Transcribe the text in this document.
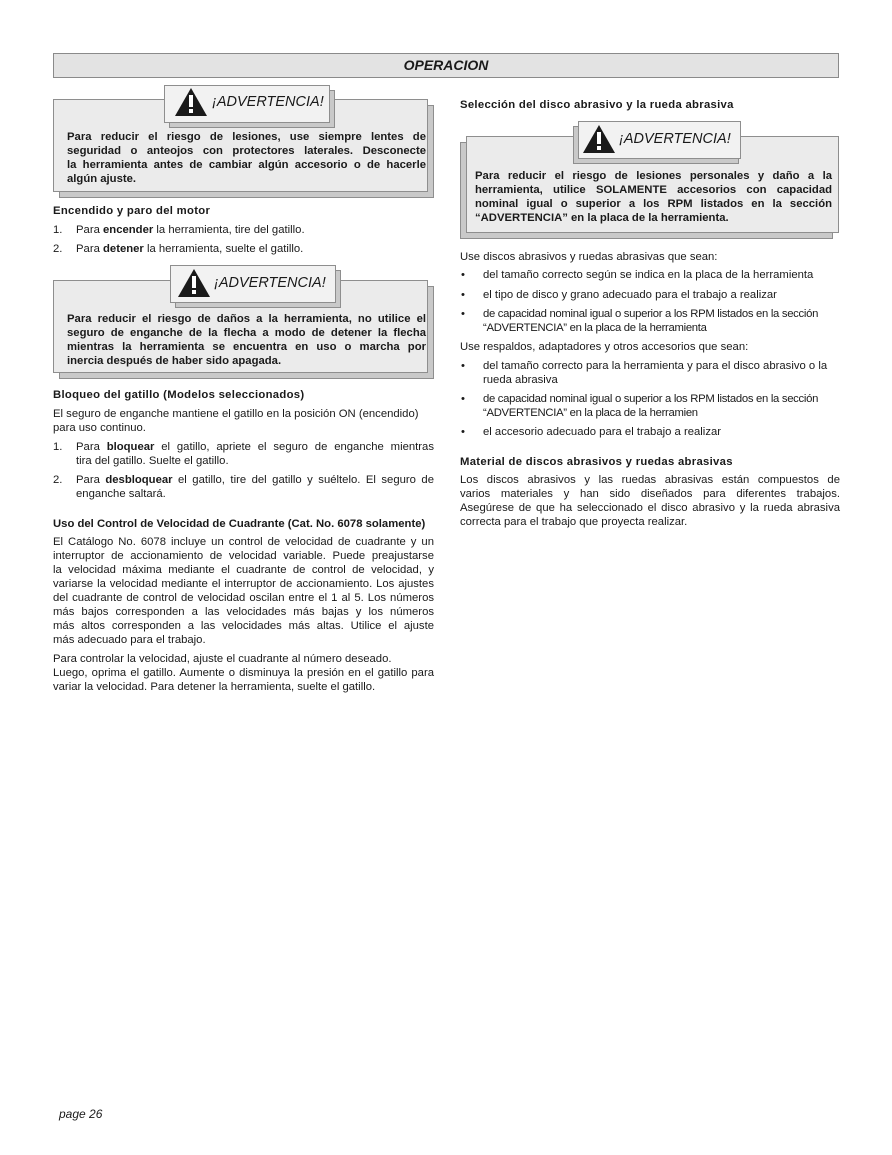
OPERACION
¡ADVERTENCIA!

Para reducir el riesgo de lesiones, use siempre lentes de
seguridad o anteojos con protectores laterales. Desconecte
la herramienta antes de cambiar algún accesorio o de hacerle
algún ajuste.

Encendido y paro del motor
1. Para encender la herramienta, tire del gatillo.
2. Para detener la herramienta, suelte el gatillo.
¡ADVERTENCIA!

Para reducir el riesgo de daños a la herramienta, no utilice el
seguro de enganche de la flecha a modo de detener la flecha
mientras la herramienta se encuentra en uso o marcha por
inercia después de haber sido apagada.

Bloqueo del gatillo (Modelos seleccionados)
El seguro de enganche mantiene el gatillo en la posición ON (encendido)
para uso continuo.
1. Para bloquear el gatillo, apriete el seguro de enganche mientras
tira del gatillo. Suelte el gatillo.
2. Para desbloquear el gatillo, tire del gatillo y suéltelo. El seguro de
enganche saltará.
Uso del Control de Velocidad de Cuadrante (Cat. No. 6078 solamente)
El Catálogo No. 6078 incluye un control de velocidad de cuadrante y un
interruptor de accionamiento de velocidad variable. Puede preajustarse
la velocidad máxima mediante el cuadrante de control de velocidad, y
variarse la velocidad mediante el interruptor de accionamiento. Los ajustes
del cuadrante de control de velocidad oscilan entre el 1 al 5. Los números
más bajos corresponden a las velocidades más bajas y los números
más altos corresponden a las velocidades más altas. Utilice el ajuste
más adecuado para el trabajo.
Para controlar la velocidad, ajuste el cuadrante al número deseado.
Luego, oprima el gatillo. Aumente o disminuya la presión en el gatillo para
variar la velocidad. Para detener la herramienta, suelte el gatillo.
Selección del disco abrasivo y la rueda abrasiva
¡ADVERTENCIA!

Para reducir el riesgo de lesiones personales y daño a la
herramienta, utilice SOLAMENTE accesorios con capacidad
nominal igual o superior a los RPM listados en la sección
“ADVERTENCIA” en la placa de la herramienta.

Use discos abrasivos y ruedas abrasivas que sean:
• del tamaño correcto según se indica en la placa de la herramienta
• el tipo de disco y grano adecuado para el trabajo a realizar
• de capacidad nominal igual o superior a los RPM listados en la sección
“ADVERTENCIA” en la placa de la herramienta
Use respaldos, adaptadores y otros accesorios que sean:
• del tamaño correcto para la herramienta y para el disco abrasivo o la
rueda abrasiva
• de capacidad nominal igual o superior a los RPM listados en la sección
“ADVERTENCIA” en la placa de la herramien
• el accesorio adecuado para el trabajo a realizar
Material de discos abrasivos y ruedas abrasivas
Los discos abrasivos y las ruedas abrasivas están compuestos de
varios materiales y han sido diseñados para diferentes trabajos.
Asegúrese de que ha seleccionado el disco abrasivo y la rueda abrasiva
correcta para el trabajo que proyecta realizar.
page 26
